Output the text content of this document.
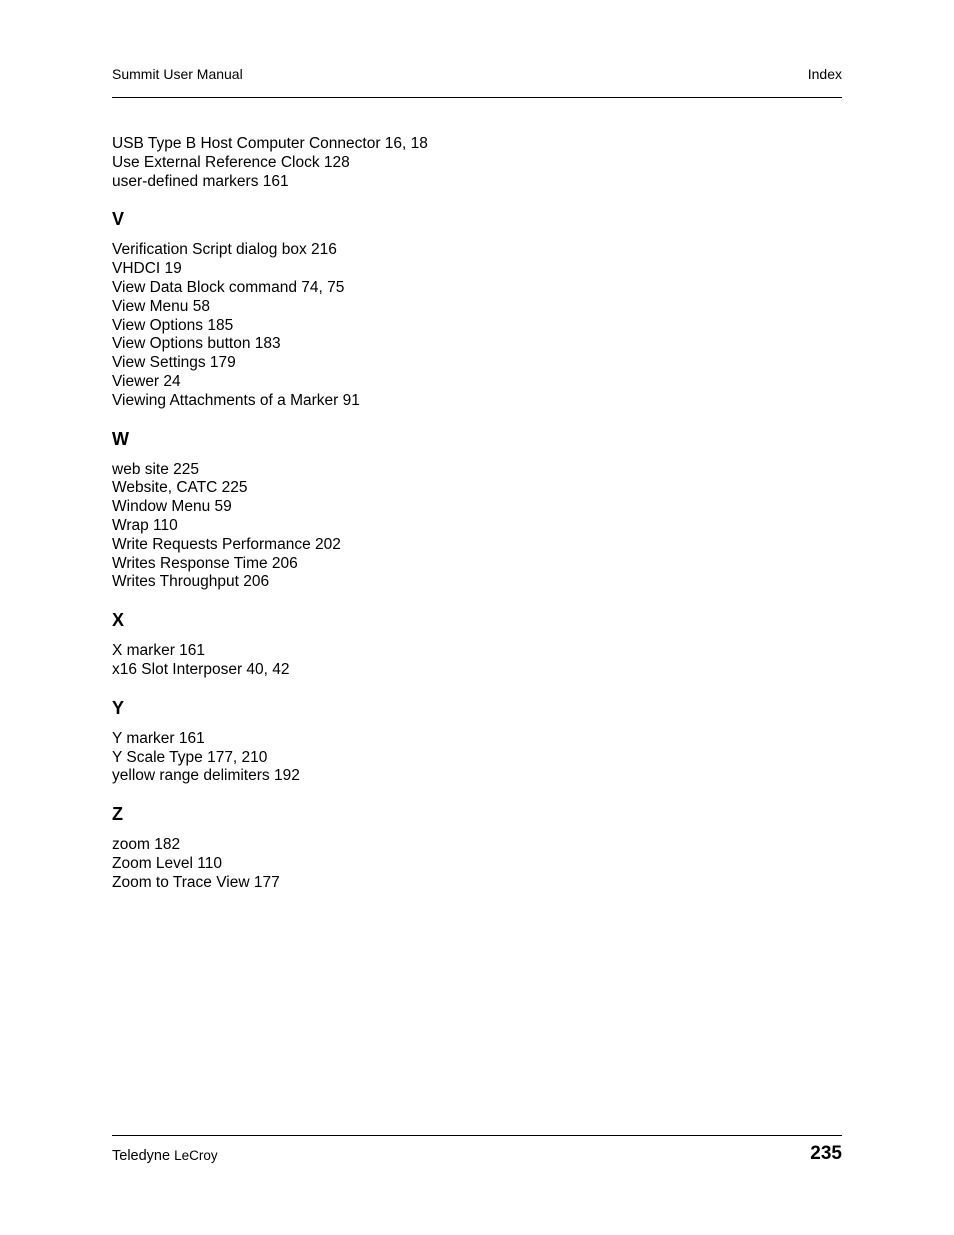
Summit User Manual	Index
USB Type B Host Computer Connector 16, 18
Use External Reference Clock 128
user-defined markers 161
V
Verification Script dialog box 216
VHDCI 19
View Data Block command 74, 75
View Menu 58
View Options 185
View Options button 183
View Settings 179
Viewer 24
Viewing Attachments of a Marker 91
W
web site 225
Website, CATC 225
Window Menu 59
Wrap 110
Write Requests Performance 202
Writes Response Time 206
Writes Throughput 206
X
X marker 161
x16 Slot Interposer 40, 42
Y
Y marker 161
Y Scale Type 177, 210
yellow range delimiters 192
Z
zoom 182
Zoom Level 110
Zoom to Trace View 177
Teledyne LeCroy	235
